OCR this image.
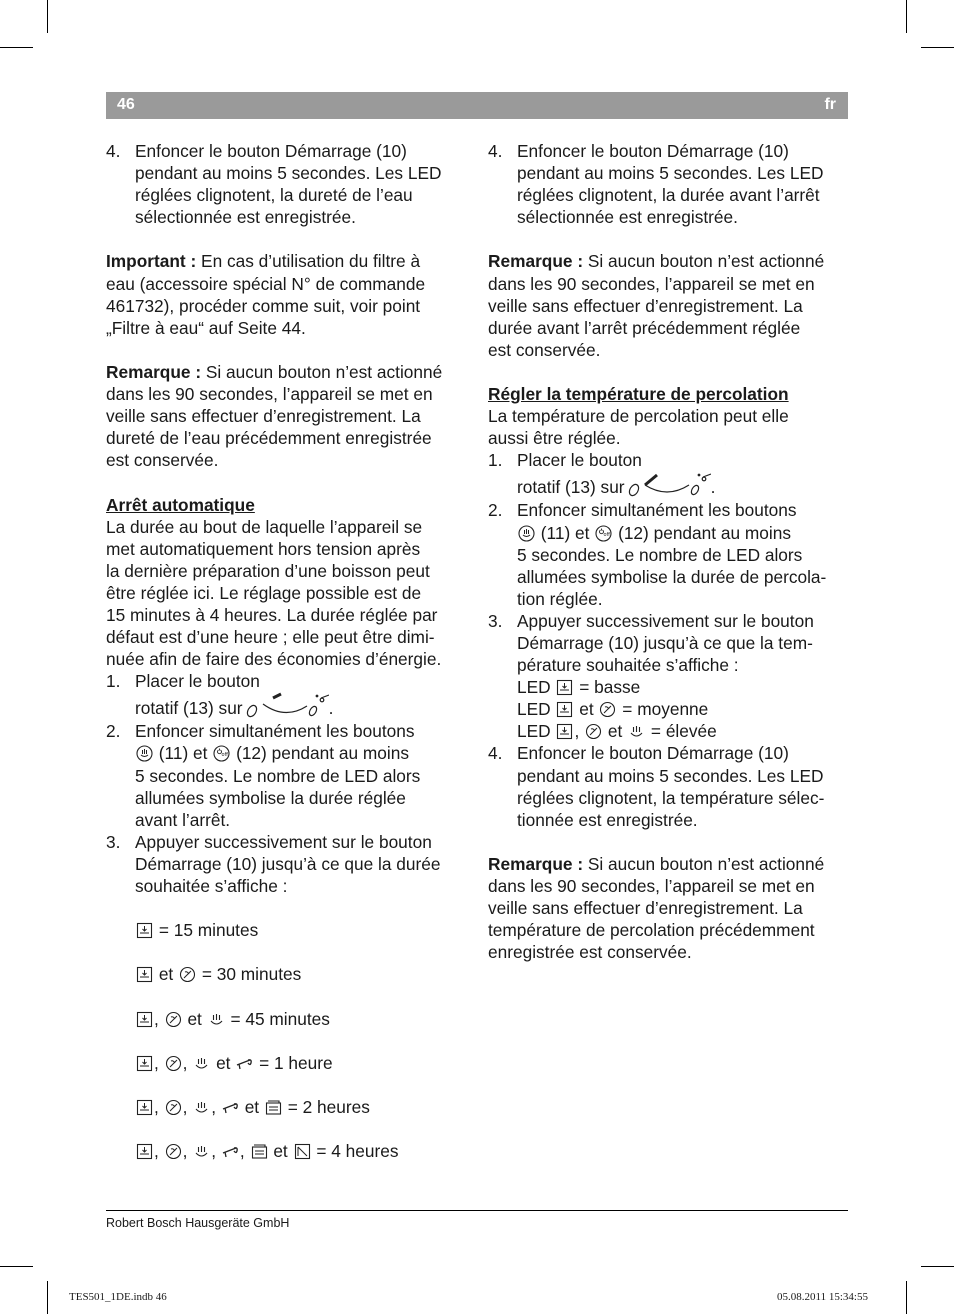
46	fr
4. Enfoncer le bouton Démarrage (10)
pendant au moins 5 secondes. Les LED
réglées clignotent, la dureté de l’eau
sélectionnée est enregistrée.
Important : En cas d’utilisation du filtre à
eau (accessoire spécial N° de commande
461732), procéder comme suit, voir point
„Filtre à eau“ auf Seite 44.
Remarque : Si aucun bouton n’est actionné
dans les 90 secondes, l’appareil se met en
veille sans effectuer d’enregistrement. La
dureté de l’eau précédemment enregistrée
est conservée.
Arrêt automatique
La durée au bout de laquelle l’appareil se
met automatiquement hors tension après
la dernière préparation d’une boisson peut
être réglée ici. Le réglage possible est de
15 minutes à 4 heures. La durée réglée par
défaut est d’une heure ; elle peut être dimi-
nuée afin de faire des économies d’énergie.
1. Placer le bouton
rotatif (13) sur	.
2. Enfoncer simultanément les boutons
(11) et off (12) pendant au moins
5 secondes. Le nombre de LED alors
allumées symbolise la durée réglée
avant l’arrêt.
3. Appuyer successivement sur le bouton
Démarrage (10) jusqu’à ce que la durée
souhaitée s’affiche :
= 15 minutes
et = 30 minutes
, et = 45 minutes
, , et = 1 heure
, , , et = 2 heures
, , , , et = 4 heures
4. Enfoncer le bouton Démarrage (10)
pendant au moins 5 secondes. Les LED
réglées clignotent, la durée avant l’arrêt
sélectionnée est enregistrée.
Remarque : Si aucun bouton n’est actionné
dans les 90 secondes, l’appareil se met en
veille sans effectuer d’enregistrement. La
durée avant l’arrêt précédemment réglée
est conservée.
Régler la température de percolation
La température de percolation peut elle
aussi être réglée.
1. Placer le bouton
rotatif (13) sur	.
2. Enfoncer simultanément les boutons
(11) et off (12) pendant au moins
5 secondes. Le nombre de LED alors
allumées symbolise la durée de percola-
tion réglée.
3. Appuyer successivement sur le bouton
Démarrage (10) jusqu’à ce que la tem-
pérature souhaitée s’affiche :
LED = basse
LED et = moyenne
LED , et = élevée
4. Enfoncer le bouton Démarrage (10)
pendant au moins 5 secondes. Les LED
réglées clignotent, la température sélec-
tionnée est enregistrée.
Remarque : Si aucun bouton n’est actionné
dans les 90 secondes, l’appareil se met en
veille sans effectuer d’enregistrement. La
température de percolation précédemment
enregistrée est conservée.
Robert Bosch Hausgeräte GmbH
TES501_1DE.indb 46	05.08.2011 15:34:55
